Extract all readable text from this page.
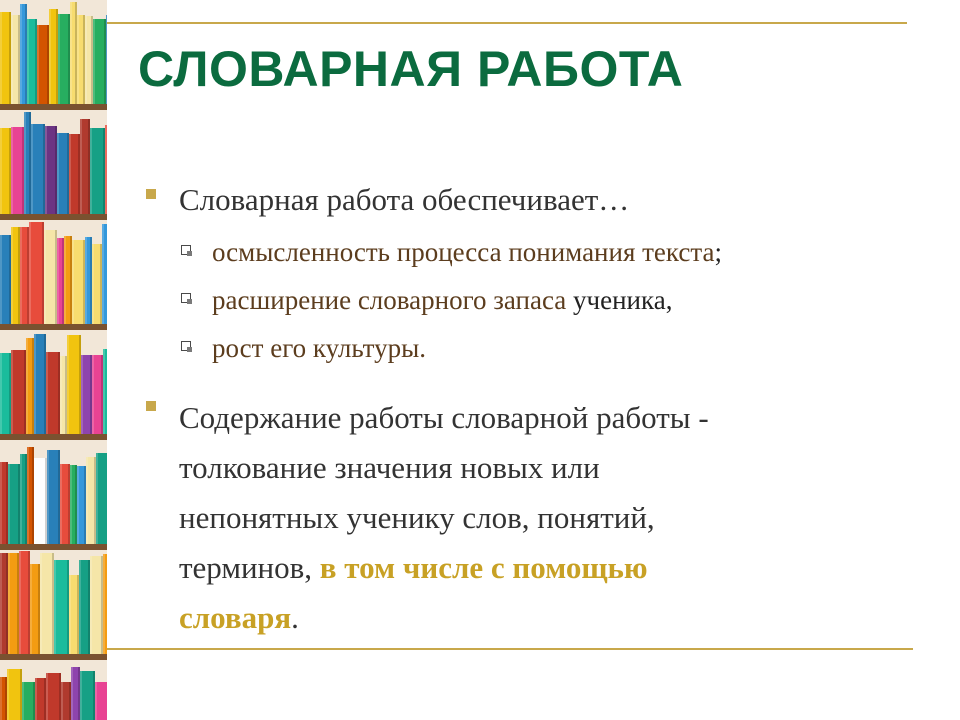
СЛОВАРНАЯ РАБОТА
Словарная работа обеспечивает…
осмысленность процесса понимания текста;
расширение словарного запаса ученика,
рост его культуры.
Содержание работы словарной работы -
толкование значения новых или
непонятных ученику слов, понятий,
терминов, в том числе с помощью
словаря.
